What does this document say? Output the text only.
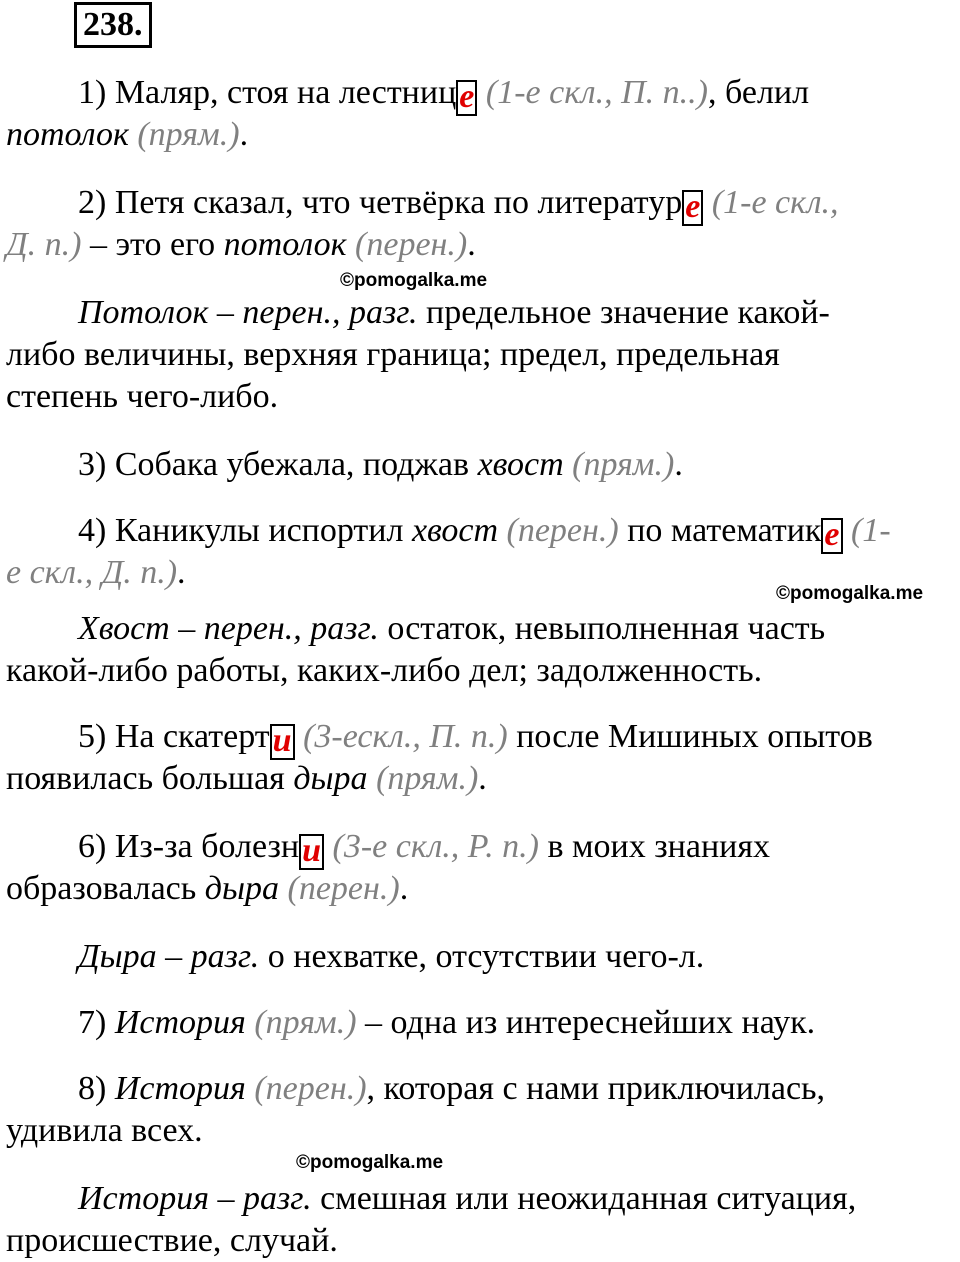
238.
1) Маляр, стоя на лестнице (1-е скл., П. п..), белил
потолок (прям.).
2) Петя сказал, что четвёрка по литературе (1-е скл.,
Д. п.) – это его потолок (перен.).
©pomogalka.me
Потолок – перен., разг. предельное значение какой-
либо величины, верхняя граница; предел, предельная
степень чего-либо.
3) Собака убежала, поджав хвост (прям.).
4) Каникулы испортил хвост (перен.) по математике (1-
е скл., Д. п.).
©pomogalka.me
Хвост – перен., разг. остаток, невыполненная часть
какой-либо работы, каких-либо дел; задолженность.
5) На скатерти (3-ескл., П. п.) после Мишиных опытов
появилась большая дыра (прям.).
6) Из-за болезни (3-е скл., Р. п.) в моих знаниях
образовалась дыра (перен.).
Дыра – разг. о нехватке, отсутствии чего-л.
7) История (прям.) – одна из интереснейших наук.
8) История (перен.), которая с нами приключилась,
удивила всех.
©pomogalka.me
История – разг. смешная или неожиданная ситуация,
происшествие, случай.
